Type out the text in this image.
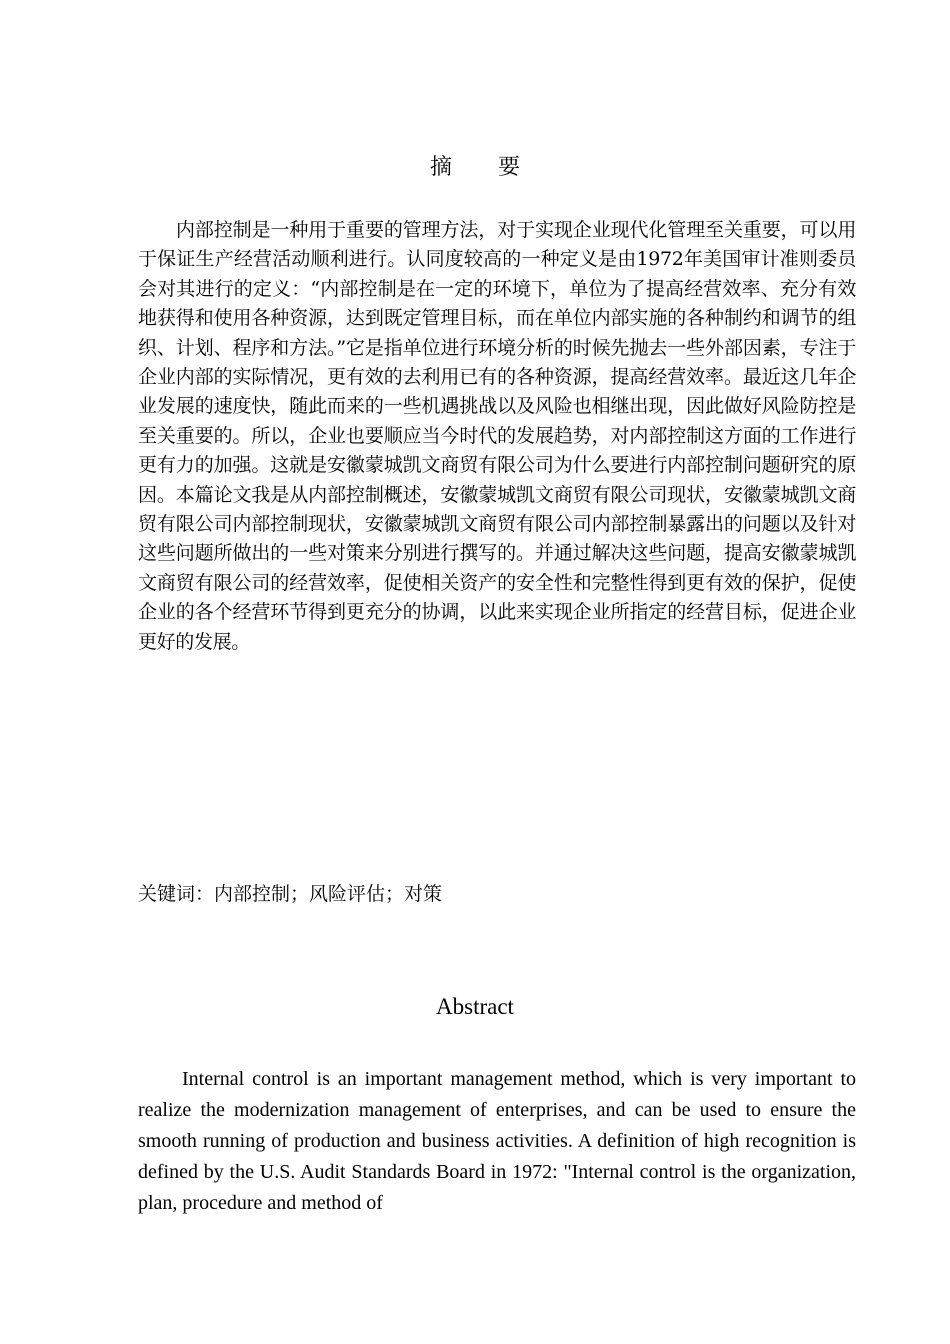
摘 要

内部控制是一种用于重要的管理方法，对于实现企业现代化管理至关重要，可以用于保证生产经营活动顺利进行。认同度较高的一种定义是由1972年美国审计准则委员会对其进行的定义：“内部控制是在一定的环境下，单位为了提高经营效率、充分有效地获得和使用各种资源，达到既定管理目标，而在单位内部实施的各种制约和调节的组织、计划、程序和方法。”它是指单位进行环境分析的时候先抛去一些外部因素，专注于企业内部的实际情况，更有效的去利用已有的各种资源，提高经营效率。最近这几年企业发展的速度快，随此而来的一些机遇挑战以及风险也相继出现，因此做好风险防控是至关重要的。所以，企业也要顺应当今时代的发展趋势，对内部控制这方面的工作进行更有力的加强。这就是安徽蒙城凯文商贸有限公司为什么要进行内部控制问题研究的原因。本篇论文我是从内部控制概述，安徽蒙城凯文商贸有限公司现状，安徽蒙城凯文商贸有限公司内部控制现状，安徽蒙城凯文商贸有限公司内部控制暴露出的问题以及针对这些问题所做出的一些对策来分别进行撰写的。并通过解决这些问题，提高安徽蒙城凯文商贸有限公司的经营效率，促使相关资产的安全性和完整性得到更有效的保护，促使企业的各个经营环节得到更充分的协调，以此来实现企业所指定的经营目标，促进企业更好的发展。

关键词：内部控制；风险评估；对策

Abstract

Internal control is an important management method, which is very important to realize the modernization management of enterprises, and can be used to ensure the smooth running of production and business activities. A definition of high recognition is defined by the U.S. Audit Standards Board in 1972: "Internal control is the organization, plan, procedure and method of
